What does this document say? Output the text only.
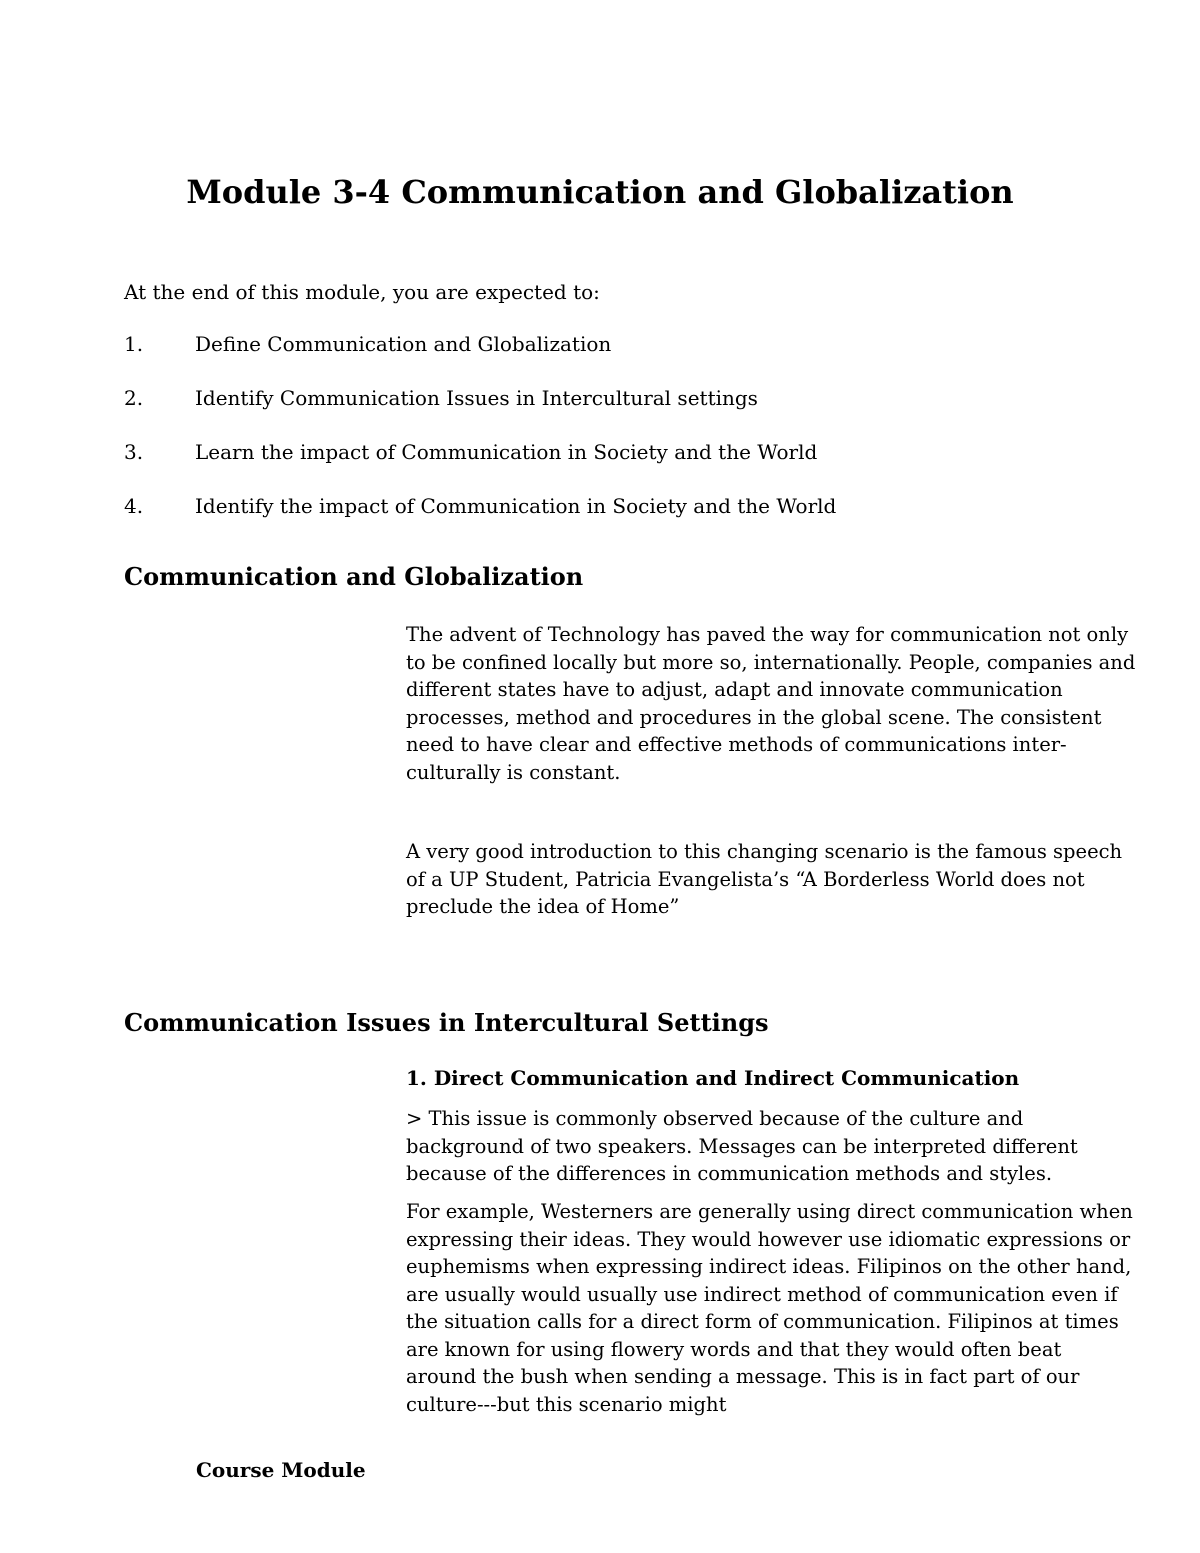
Module 3-4 Communication and Globalization
At the end of this module, you are expected to:
1.	Define Communication and Globalization
2.	Identify Communication Issues in Intercultural settings
3.	Learn the impact of Communication in Society and the World
4.	Identify the impact of Communication in Society and the World
Communication and Globalization

The advent of Technology has paved the way for communication not only to be confined locally but more so, internationally. People, companies and different states have to adjust, adapt and innovate communication processes, method and procedures in the global scene. The consistent need to have clear and effective methods of communications inter-culturally is constant.

A very good introduction to this changing scenario is the famous speech of a UP Student, Patricia Evangelista’s “A Borderless World does not preclude the idea of Home”

Communication Issues in Intercultural Settings
1. Direct Communication and Indirect Communication

> This issue is commonly observed because of the culture and background of two speakers. Messages can be interpreted different because of the differences in communication methods and styles.

For example, Westerners are generally using direct communication when expressing their ideas. They would however use idiomatic expressions or euphemisms when expressing indirect ideas. Filipinos on the other hand, are usually would usually use indirect method of communication even if the situation calls for a direct form of communication. Filipinos at times are known for using flowery words and that they would often beat around the bush when sending a message. This is in fact part of our culture---but this scenario might

Course Module
